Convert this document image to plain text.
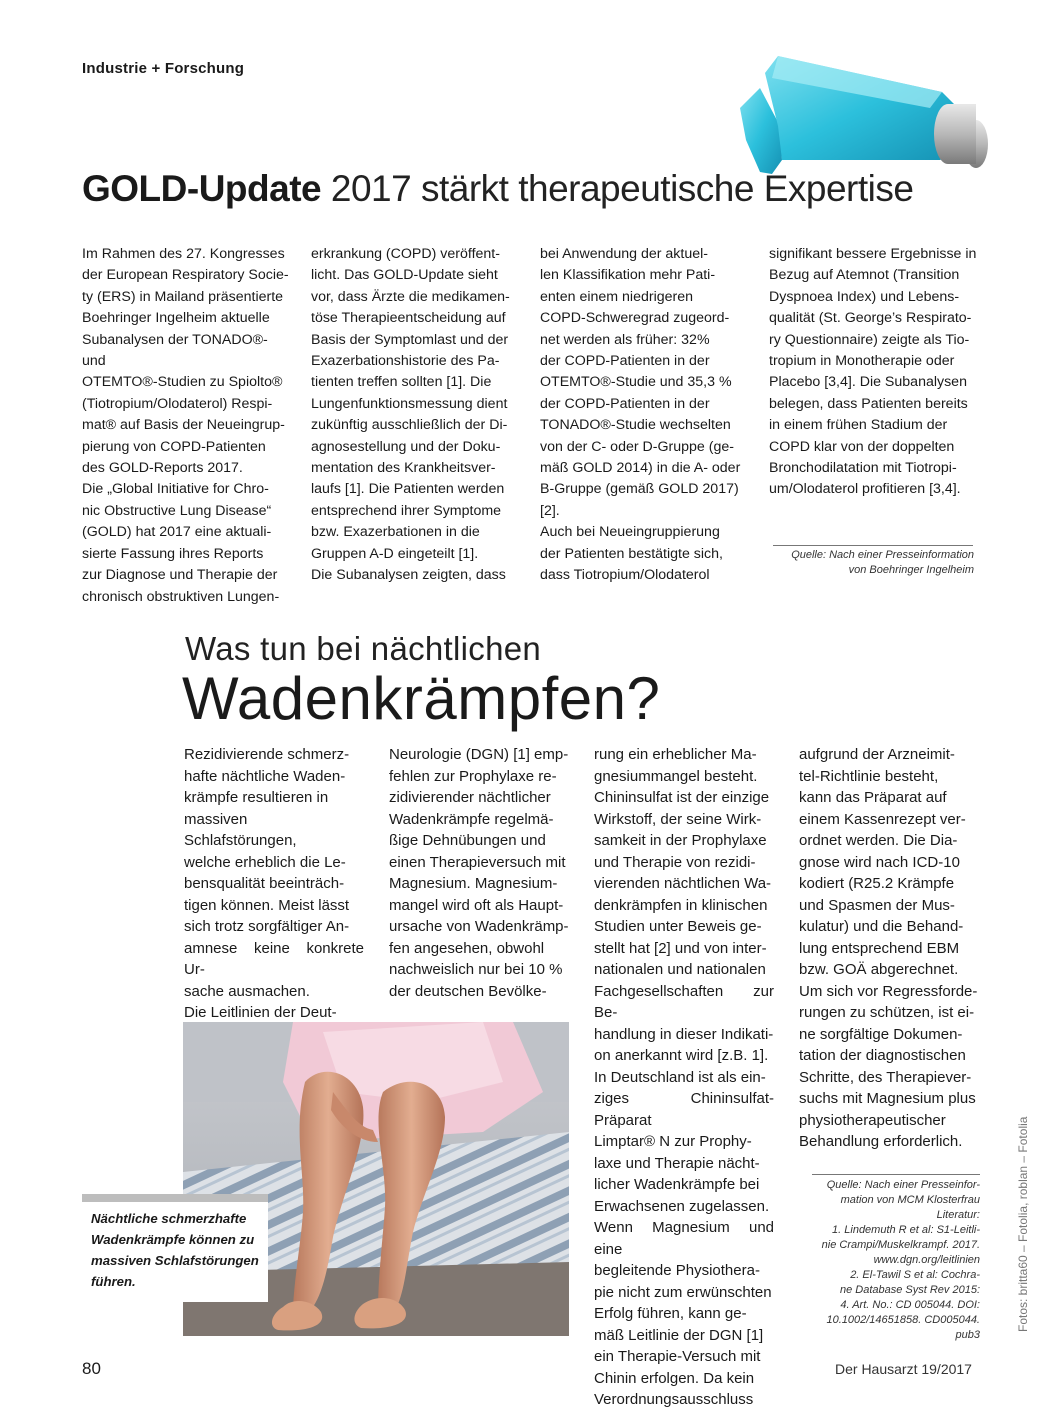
Industrie + Forschung
GOLD-Update 2017 stärkt therapeutische Expertise

Im Rahmen des 27. Kongresses

der European Respiratory Socie-

ty (ERS) in Mailand präsentierte

Boehringer Ingelheim aktuelle

Subanalysen der TONADO®- und

OTEMTO®-Studien zu Spiolto®

(Tiotropium/Olodaterol) Respi-

mat® auf Basis der Neueingrup-

pierung von COPD-Patienten

des GOLD-Reports 2017.

Die „Global Initiative for Chro-

nic Obstructive Lung Disease“

(GOLD) hat 2017 eine aktuali-

sierte Fassung ihres Reports

zur Diagnose und Therapie der

chronisch obstruktiven Lungen-

erkrankung (COPD) veröffent-

licht. Das GOLD-Update sieht

vor, dass Ärzte die medikamen-

töse Therapieentscheidung auf

Basis der Symptomlast und der

Exazerbationshistorie des Pa-

tienten treffen sollten [1]. Die

Lungenfunktionsmessung dient

zukünftig ausschließlich der Di-

agnosestellung und der Doku-

mentation des Krankheitsver-

laufs [1]. Die Patienten werden

entsprechend ihrer Symptome

bzw. Exazerbationen in die

Gruppen A-D eingeteilt [1].

Die Subanalysen zeigten, dass

bei Anwendung der aktuel-

len Klassifikation mehr Pati-

enten einem niedrigeren

COPD-Schweregrad zugeord-

net werden als früher: 32%

der COPD-Patienten in der

OTEMTO®-Studie und 35,3 %

der COPD-Patienten in der

TONADO®-Studie wechselten

von der C- oder D-Gruppe (ge-

mäß GOLD 2014) in die A- oder

B-Gruppe (gemäß GOLD 2017)

[2].

Auch bei Neueingruppierung

der Patienten bestätigte sich,

dass Tiotropium/Olodaterol

signifikant bessere Ergebnisse in

Bezug auf Atemnot (Transition

Dyspnoea Index) und Lebens-

qualität (St. George’s Respirato-

ry Questionnaire) zeigte als Tio-

tropium in Monotherapie oder

Placebo [3,4]. Die Subanalysen

belegen, dass Patienten bereits

in einem frühen Stadium der

COPD klar von der doppelten

Bronchodilatation mit Tiotropi-

um/Olodaterol profitieren [3,4].

Quelle: Nach einer Presseinformation
von Boehringer Ingelheim
Was tun bei nächtlichen
Wadenkrämpfen?

Rezidivierende schmerz-

hafte nächtliche Waden-

krämpfe resultieren in

massiven Schlafstörungen,

welche erheblich die Le-

bensqualität beeinträch-

tigen können. Meist lässt

sich trotz sorgfältiger An-

amnese keine konkrete Ur-

sache ausmachen.

Die Leitlinien der Deut-

Neurologie (DGN) [1] emp-

fehlen zur Prophylaxe re-

zidivierender nächtlicher

Wadenkrämpfe regelmä-

ßige Dehnübungen und

einen Therapieversuch mit

Magnesium. Magnesium-

mangel wird oft als Haupt-

ursache von Wadenkrämp-

fen angesehen, obwohl

nachweislich nur bei 10 %

der deutschen Bevölke-

rung ein erheblicher Ma-

gnesiummangel besteht.

Chininsulfat ist der einzige

Wirkstoff, der seine Wirk-

samkeit in der Prophylaxe

und Therapie von rezidi-

vierenden nächtlichen Wa-

denkrämpfen in klinischen

Studien unter Beweis ge-

stellt hat [2] und von inter-

nationalen und nationalen

Fachgesellschaften zur Be-

handlung in dieser Indikati-

on anerkannt wird [z.B. 1].

In Deutschland ist als ein-

ziges Chininsulfat-Präparat

Limptar® N zur Prophy-

laxe und Therapie nächt-

licher Wadenkrämpfe bei

Erwachsenen zugelassen.

Wenn Magnesium und eine

begleitende Physiothera-

pie nicht zum erwünschten

Erfolg führen, kann ge-

mäß Leitlinie der DGN [1]

ein Therapie-Versuch mit

Chinin erfolgen. Da kein

Verordnungsausschluss

aufgrund der Arzneimit-

tel-Richtlinie besteht,

kann das Präparat auf

einem Kassenrezept ver-

ordnet werden. Die Dia-

gnose wird nach ICD-10

kodiert (R25.2 Krämpfe

und Spasmen der Mus-

kulatur) und die Behand-

lung entsprechend EBM

bzw. GOÄ abgerechnet.

Um sich vor Regressforde-

rungen zu schützen, ist ei-

ne sorgfältige Dokumen-

tation der diagnostischen

Schritte, des Therapiever-

suchs mit Magnesium plus

physiotherapeutischer

Behandlung erforderlich.

Nächtliche schmerzhafte
Wadenkrämpfe können zu
massiven Schlafstörungen
führen.
Quelle: Nach einer Presseinfor-
mation von MCM Klosterfrau
Literatur:
1. Lindemuth R et al: S1-Leitli-
nie Crampi/Muskelkrampf. 2017.
www.dgn.org/leitlinien
2. El-Tawil S et al: Cochra-
ne Database Syst Rev 2015:
4. Art. No.: CD 005044. DOI:
10.1002/14651858. CD005044.
pub3
Fotos: britta60 – Fotolia, roblan – Fotolia
80	Der Hausarzt 19/2017
